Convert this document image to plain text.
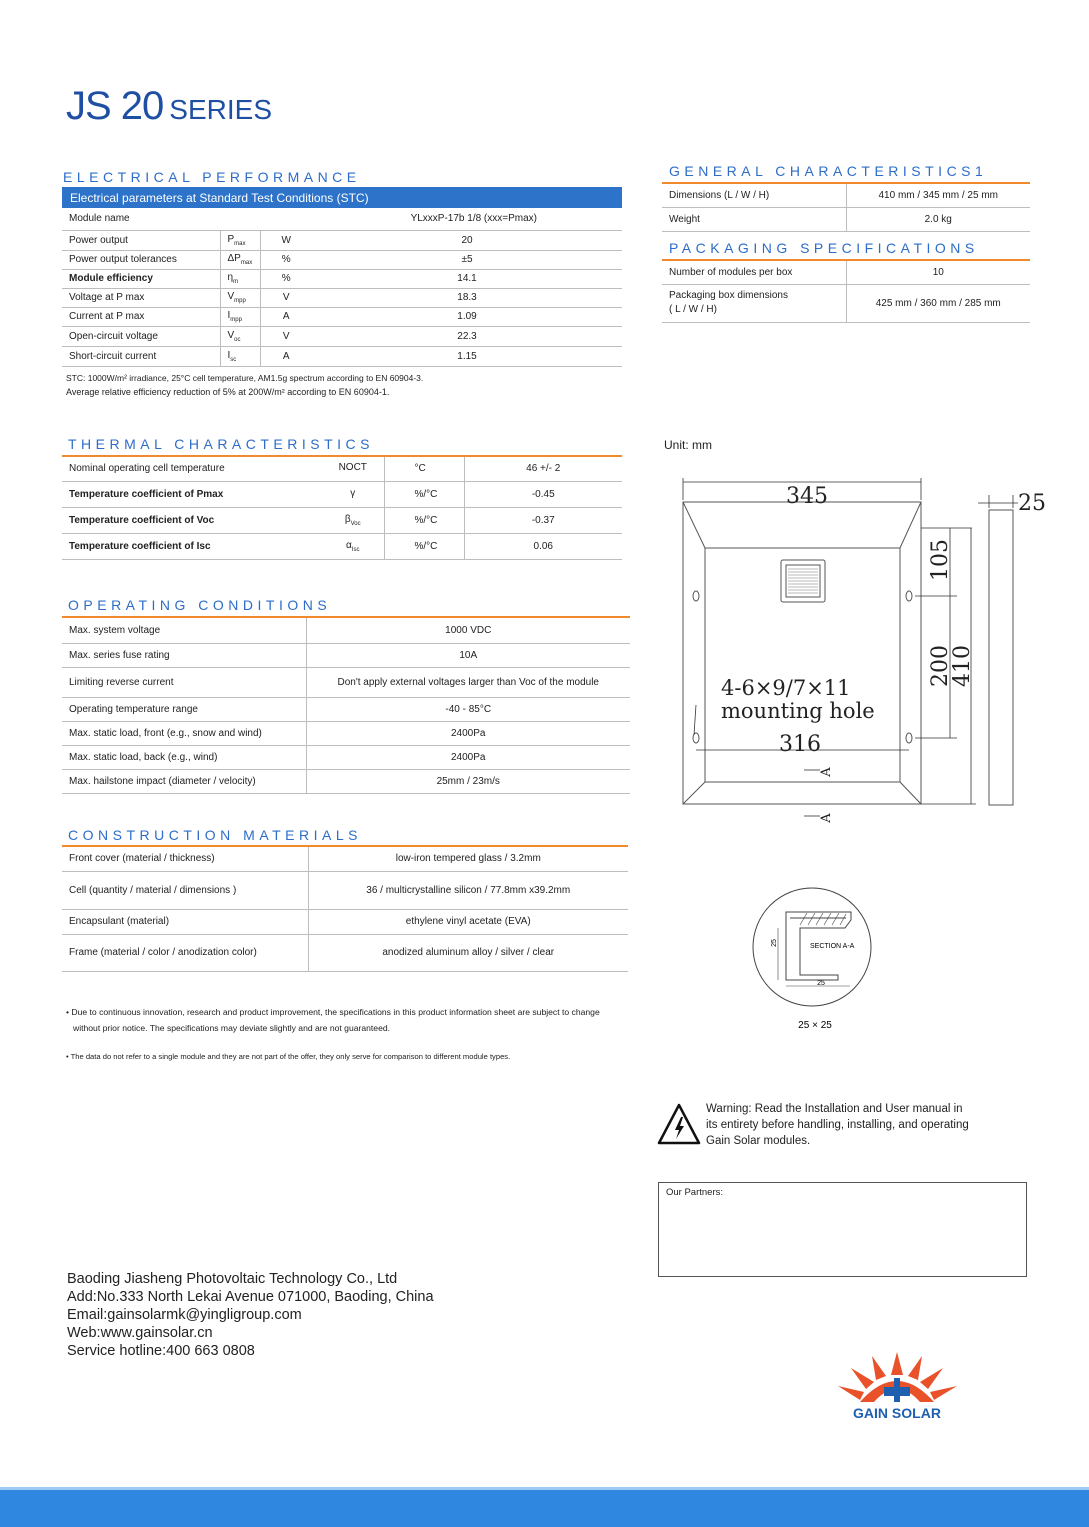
JS 20 SERIES
ELECTRICAL PERFORMANCE
Electrical parameters at Standard Test Conditions (STC)
Module name	YLxxxP-17b 1/8 (xxx=Pmax)		
Power output	$P_{max}$	W	20
Power output tolerances	$\Delta P_{max}$	%	±5
Module efficiency	$\eta_m$	%	14.1
Voltage at P max	$V_{mpp}$	V	18.3
Current at P max	$I_{mpp}$	A	1.09
Open-circuit voltage	$V_{oc}$	V	22.3
Short-circuit current	$I_{sc}$	A	1.15
STC: 1000W/m² irradiance, 25°C cell temperature, AM1.5g spectrum according to EN 60904-3.
Average relative efficiency reduction of 5% at 200W/m² according to EN 60904-1.
THERMAL CHARACTERISTICS
Nominal operating cell temperature	NOCT	°C	46 +/- 2
Temperature coefficient of Pmax	γ	%/°C	-0.45
Temperature coefficient of Voc	$\beta_{Voc}$	%/°C	-0.37
Temperature coefficient of Isc	$\alpha_{Isc}$	%/°C	0.06
OPERATING CONDITIONS
Max. system voltage	1000 VDC
Max. series fuse rating	10A
Limiting reverse current	Don't apply external voltages larger than Voc of the module
Operating temperature range	-40 - 85°C
Max. static load, front (e.g., snow and wind)	2400Pa
Max. static load, back (e.g., wind)	2400Pa
Max. hailstone impact (diameter / velocity)	25mm / 23m/s
CONSTRUCTION MATERIALS
Front cover (material / thickness)	low-iron tempered glass / 3.2mm
Cell (quantity / material / dimensions )	36 / multicrystalline silicon / 77.8mm x39.2mm
Encapsulant (material)	ethylene vinyl acetate (EVA)
Frame (material / color / anodization color)	anodized aluminum alloy / silver / clear
• Due to continuous innovation, research and product improvement, the specifications in this product information sheet are subject to change
without prior notice. The specifications may deviate slightly and are not guaranteed.
• The data do not refer to a single module and they are not part of the offer, they only serve for comparison to different module types.
GENERAL CHARACTERISTICS1
Dimensions (L / W / H)	410 mm / 345 mm / 25 mm
Weight	2.0 kg
PACKAGING SPECIFICATIONS
Number of modules per box	10
Packaging box dimensions
( L / W / H)	425 mm / 360 mm / 285 mm
Unit: mm
345	25
105
200
410
316
4-6×9/7×11
mounting hole
A
A
25
25
SECTION A-A
25 × 25
Warning: Read the Installation and User manual in its entirety before handling, installing, and operating Gain Solar modules.
Our Partners:
Baoding Jiasheng Photovoltaic Technology Co., Ltd
Add:No.333 North Lekai Avenue 071000, Baoding, China
Email:gainsolarmk@yingligroup.com
Web:www.gainsolar.cn
Service hotline:400 663 0808
GAIN SOLAR
